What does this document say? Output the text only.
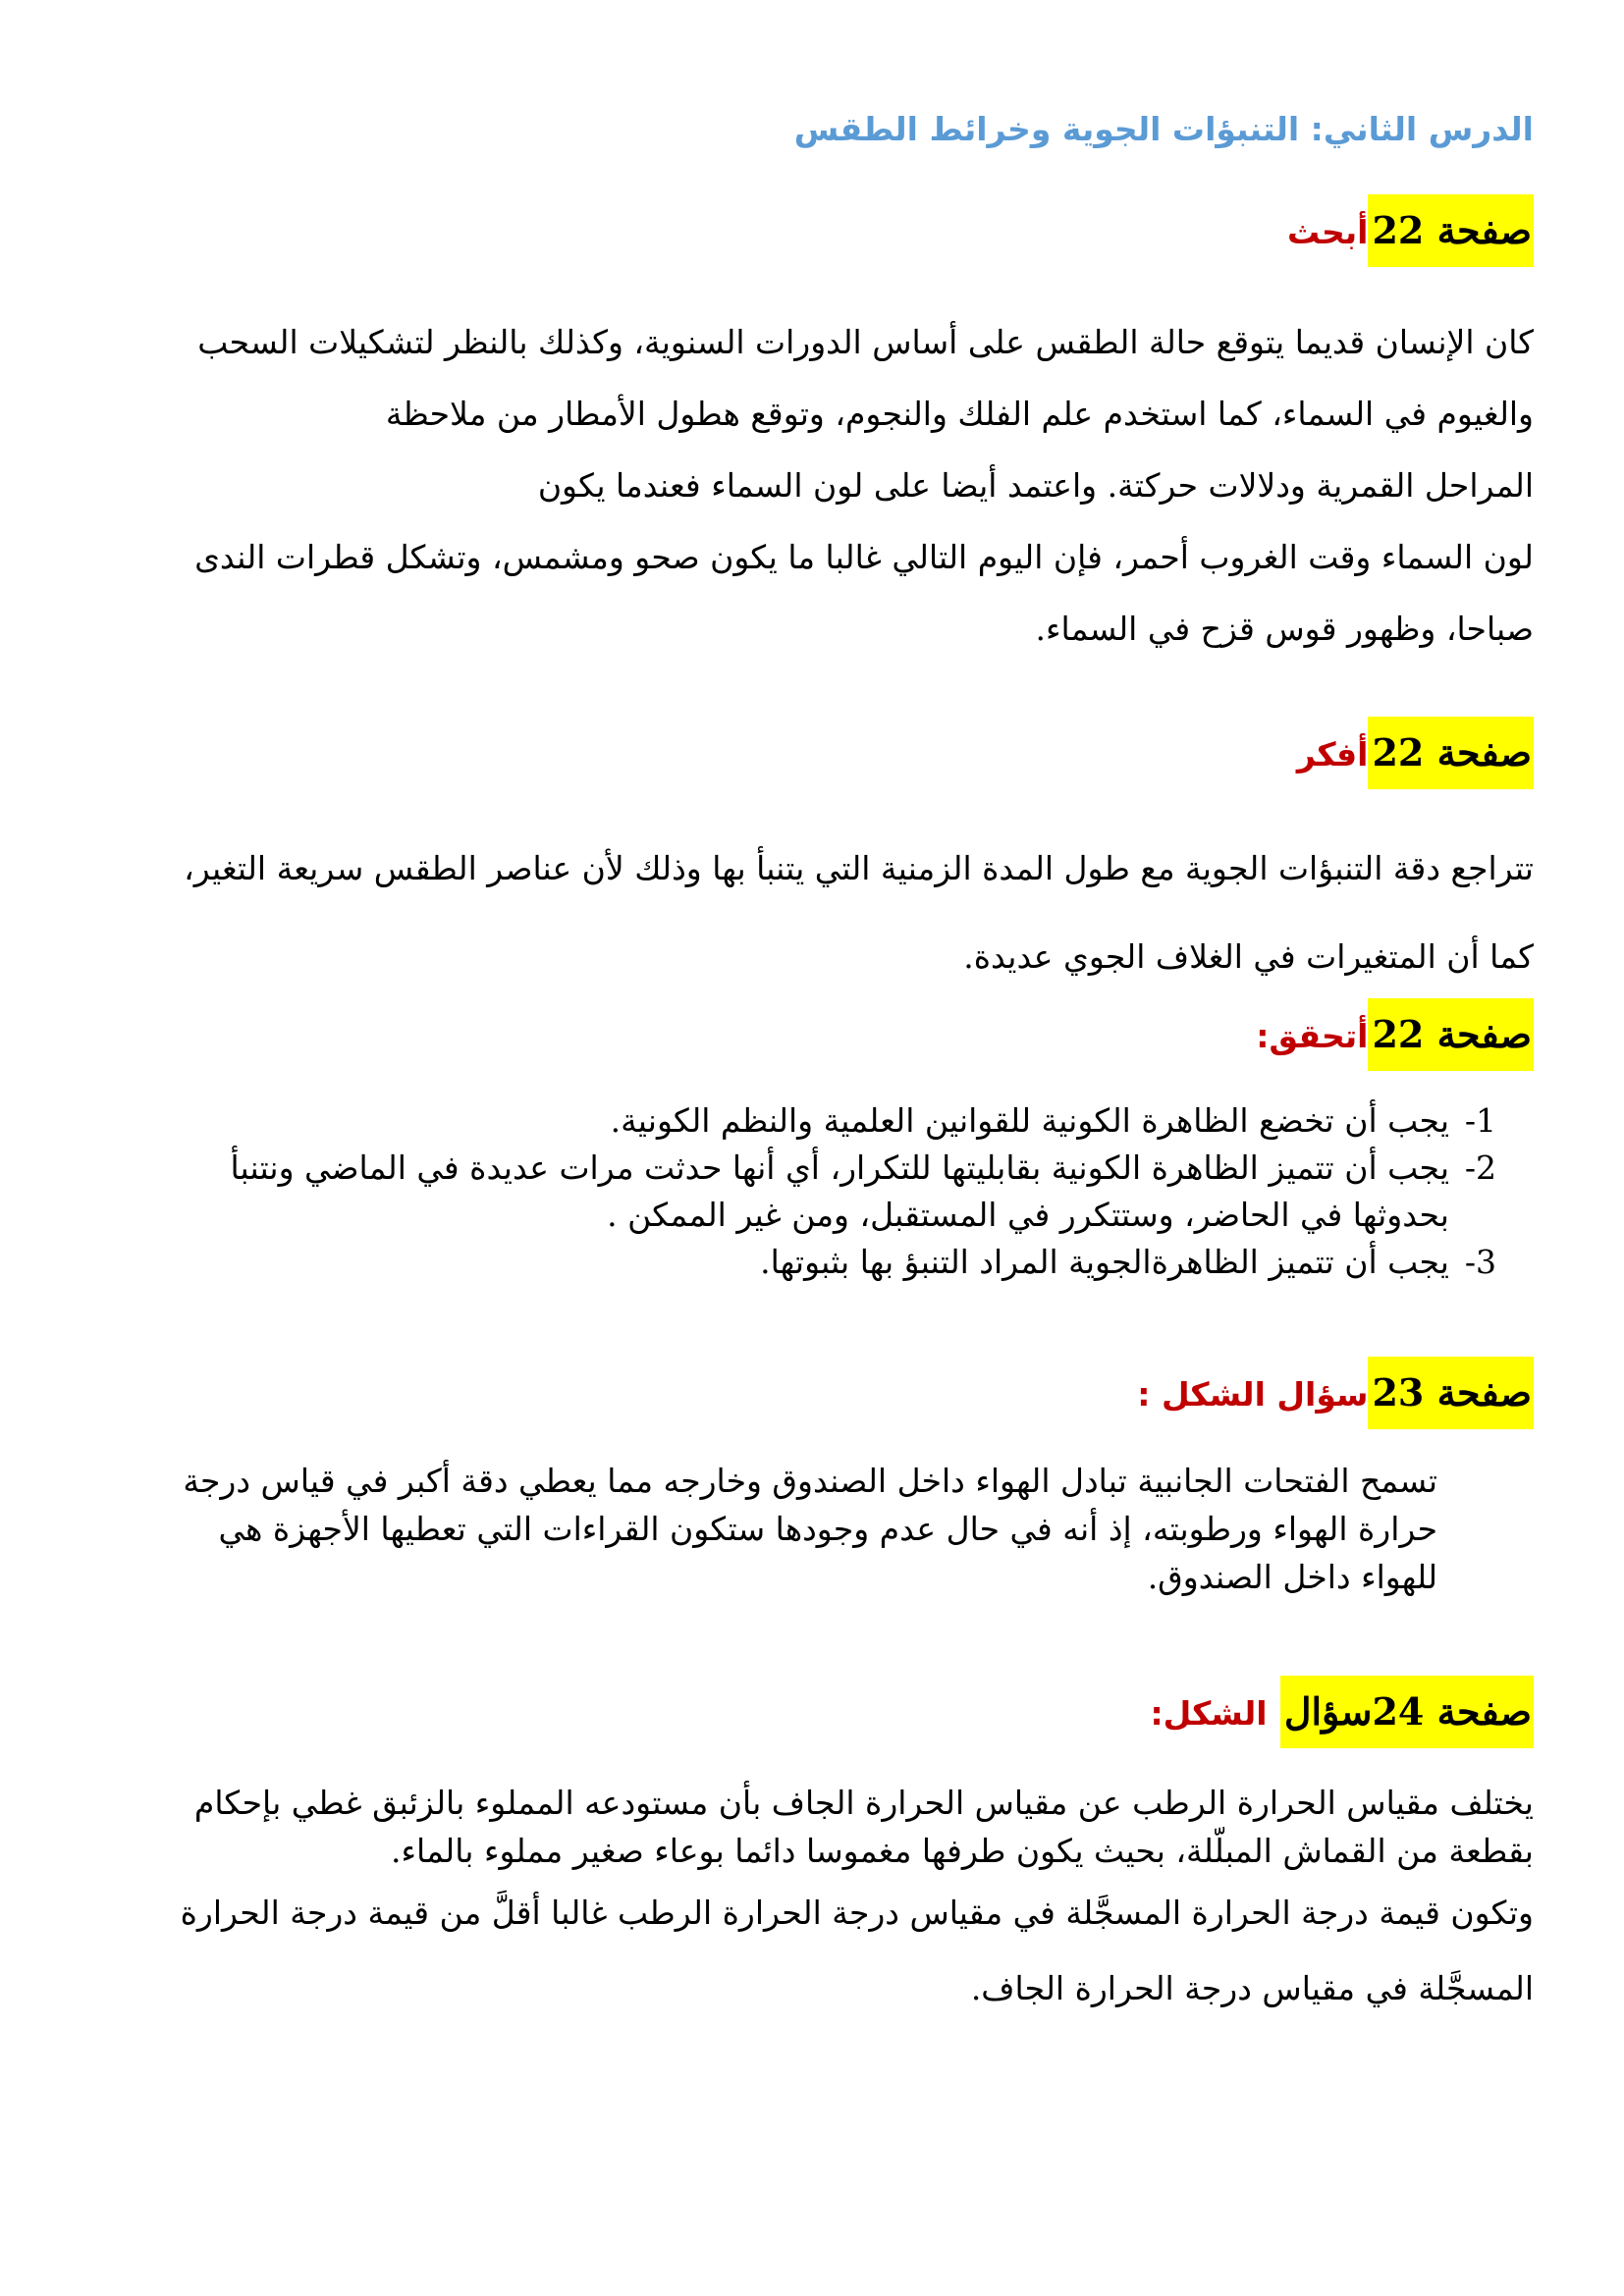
الدرس الثاني: التنبؤات الجوية وخرائط الطقس
صفحة 22أبحث
كان الإنسان قديما يتوقع حالة الطقس على أساس الدورات السنوية، وكذلك بالنظر لتشكيلات السحب
والغيوم في السماء، كما استخدم علم الفلك والنجوم، وتوقع هطول الأمطار من ملاحظة
المراحل القمرية ودلالات حركتة. واعتمد أيضا على لون السماء فعندما يكون
لون السماء وقت الغروب أحمر، فإن اليوم التالي غالبا ما يكون صحو ومشمس، وتشكل قطرات الندى
صباحا، وظهور قوس قزح في السماء.
صفحة 22أفكر
تتراجع دقة التنبؤات الجوية مع طول المدة الزمنية التي يتنبأ بها وذلك لأن عناصر الطقس سريعة التغير،
كما أن المتغيرات في الغلاف الجوي عديدة.
صفحة 22أتحقق:
1-
يجب أن تخضع الظاهرة الكونية للقوانين العلمية والنظم الكونية.
2-
يجب أن تتميز الظاهرة الكونية بقابليتها للتكرار، أي أنها حدثت مرات عديدة في الماضي ونتنبأ
بحدوثها في الحاضر، وستتكرر في المستقبل، ومن غير الممكن .
3-
يجب أن تتميز الظاهرةالجوية المراد التنبؤ بها بثبوتها.
صفحة 23سؤال الشكل :
تسمح الفتحات الجانبية تبادل الهواء داخل الصندوق وخارجه مما يعطي دقة أكبر في قياس درجة
حرارة الهواء ورطوبته، إذ أنه في حال عدم وجودها ستكون القراءات التي تعطيها الأجهزة هي
للهواء داخل الصندوق.
صفحة 24سؤال الشكل:
يختلف مقياس الحرارة الرطب عن مقياس الحرارة الجاف بأن مستودعه المملوء بالزئبق غطي بإحكام
بقطعة من القماش المبلَّلة، بحيث يكون طرفها مغموسا دائما بوعاء صغير مملوء بالماء.
وتكون قيمة درجة الحرارة المسجَّلة في مقياس درجة الحرارة الرطب غالبا أقلَّ من قيمة درجة الحرارة
المسجَّلة في مقياس درجة الحرارة الجاف.
